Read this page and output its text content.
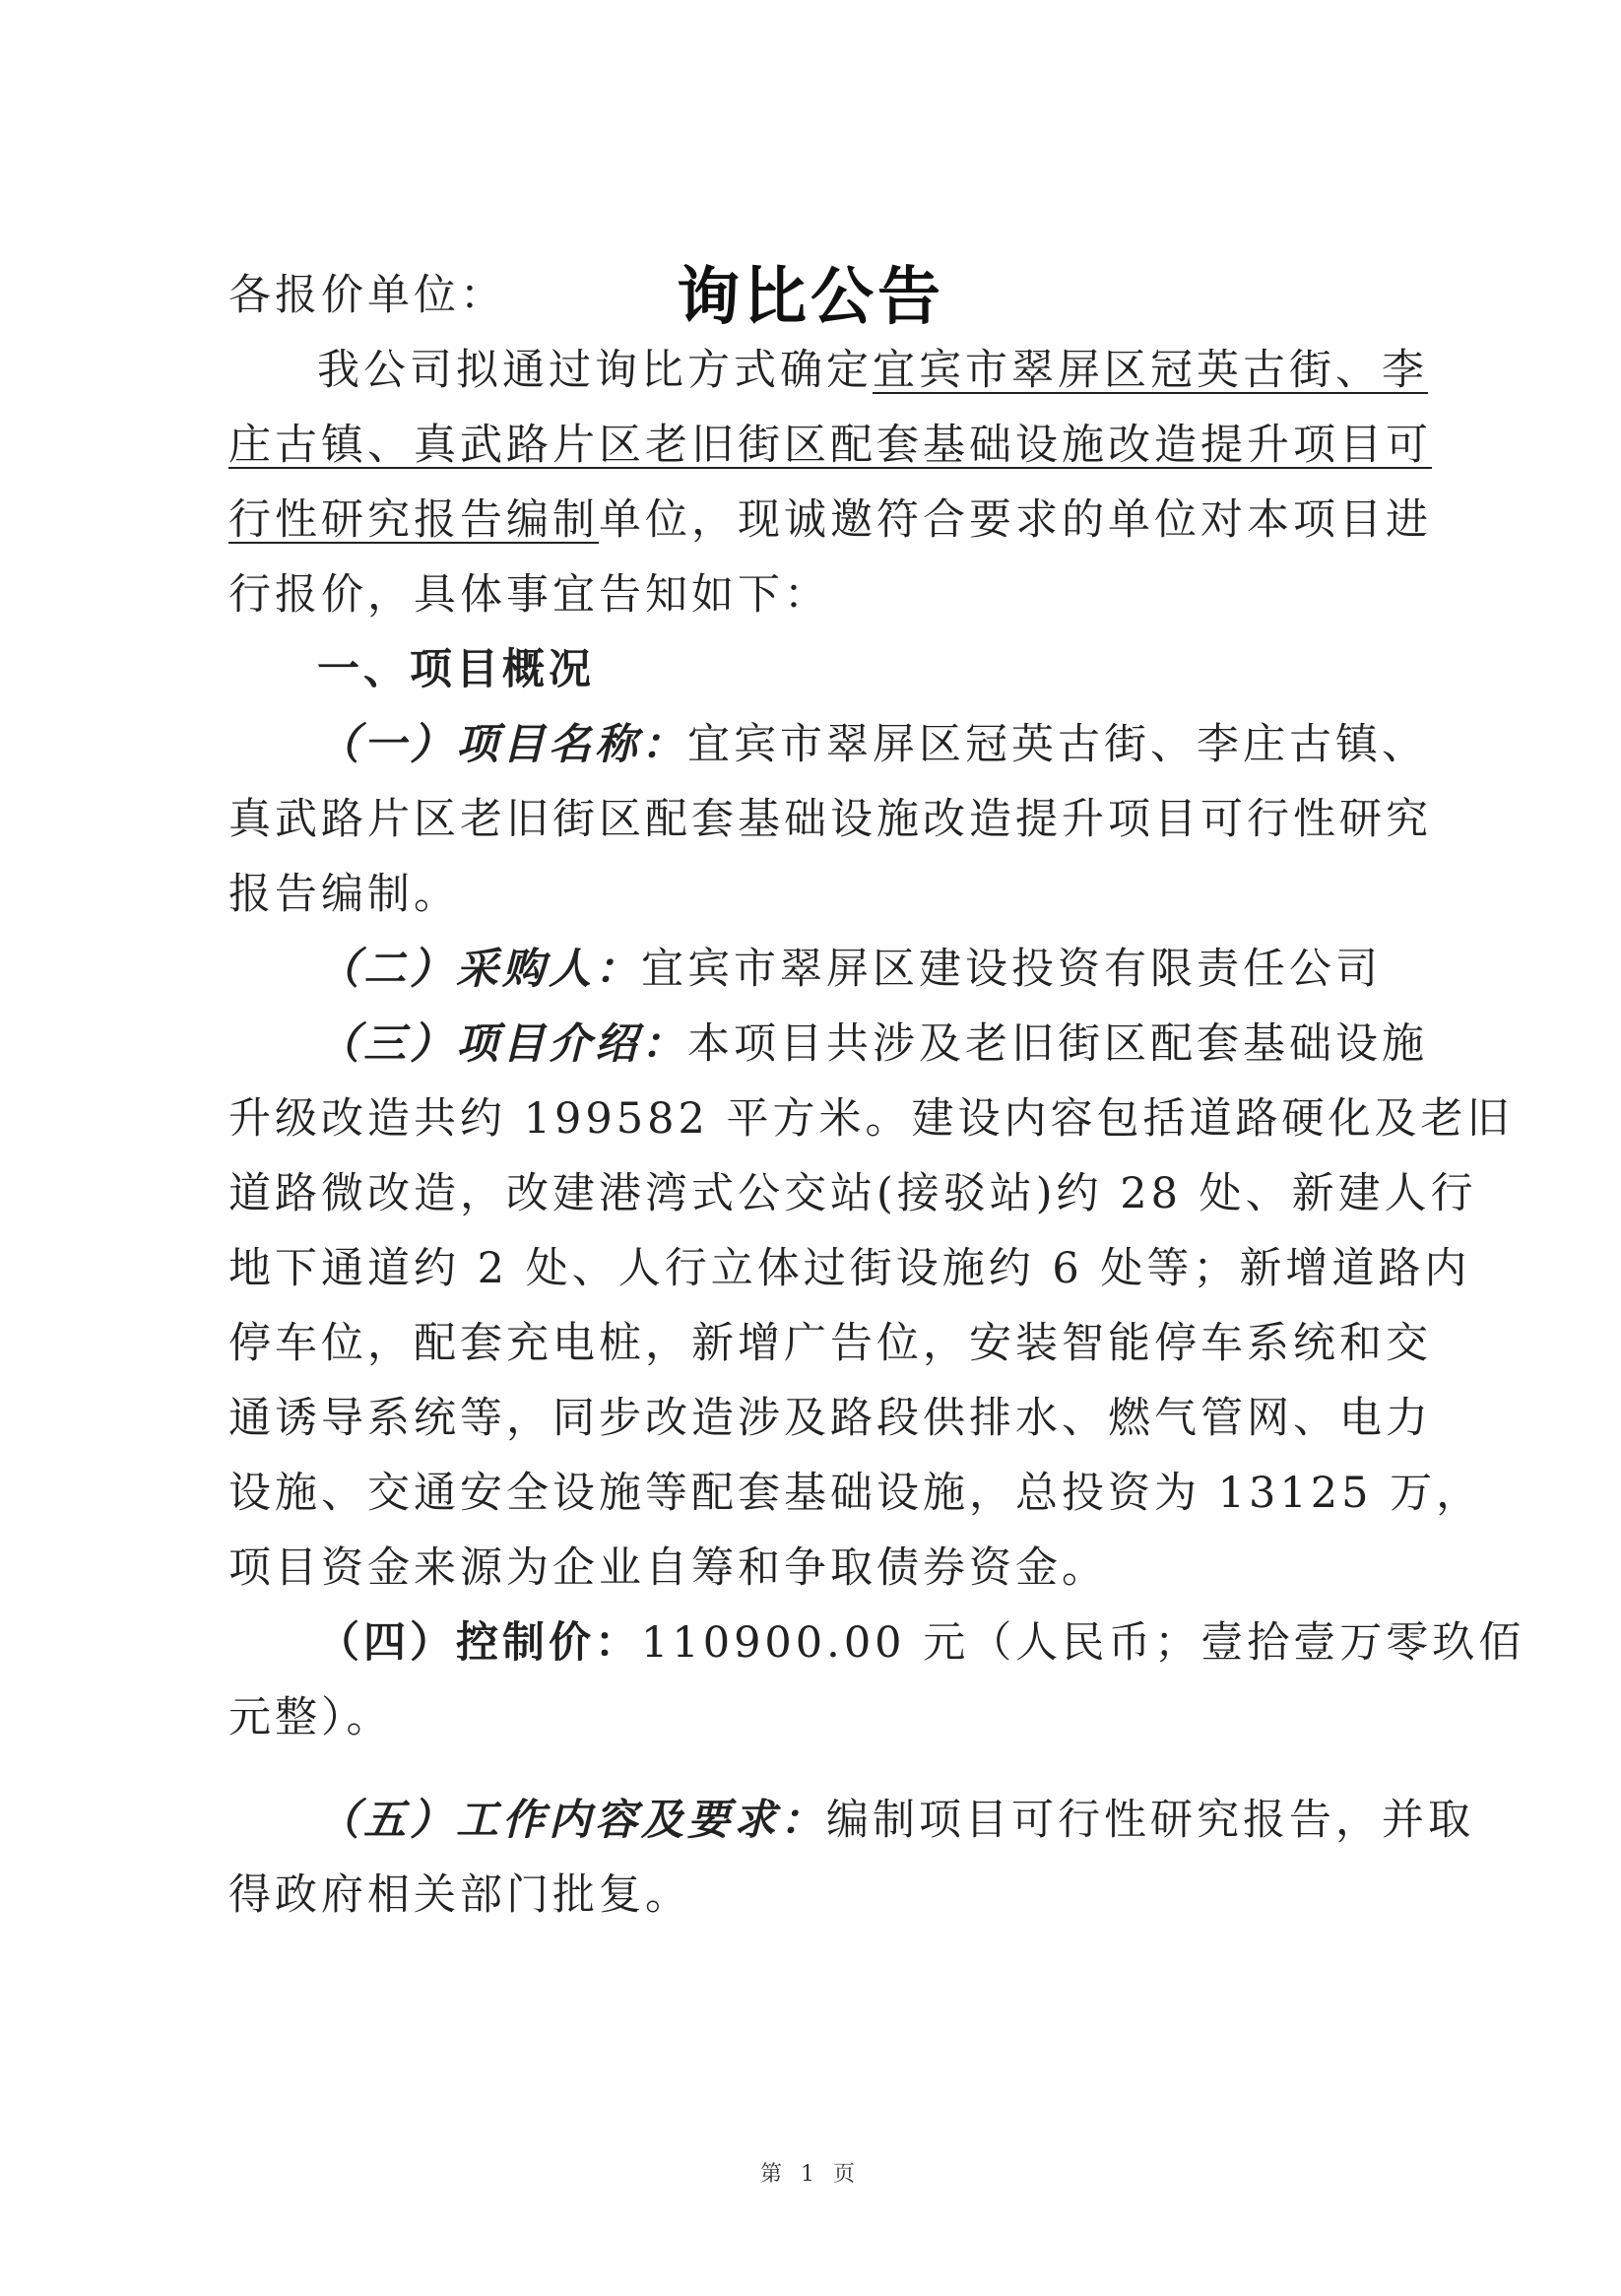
询比公告
各报价单位：
我公司拟通过询比方式确定宜宾市翠屏区冠英古街、李
庄古镇、真武路片区老旧街区配套基础设施改造提升项目可
行性研究报告编制单位，现诚邀符合要求的单位对本项目进
行报价，具体事宜告知如下：
一、项目概况
（一）项目名称：宜宾市翠屏区冠英古街、李庄古镇、
真武路片区老旧街区配套基础设施改造提升项目可行性研究
报告编制。
（二）采购人：宜宾市翠屏区建设投资有限责任公司
（三）项目介绍：本项目共涉及老旧街区配套基础设施
升级改造共约 199582 平方米。建设内容包括道路硬化及老旧
道路微改造，改建港湾式公交站(接驳站)约 28 处、新建人行
地下通道约 2 处、人行立体过街设施约 6 处等；新增道路内
停车位，配套充电桩，新增广告位，安装智能停车系统和交
通诱导系统等，同步改造涉及路段供排水、燃气管网、电力
设施、交通安全设施等配套基础设施，总投资为 13125 万，
项目资金来源为企业自筹和争取债券资金。
（四）控制价：110900.00 元（人民币；壹拾壹万零玖佰
元整）。
（五）工作内容及要求：编制项目可行性研究报告，并取
得政府相关部门批复。
第 1 页
